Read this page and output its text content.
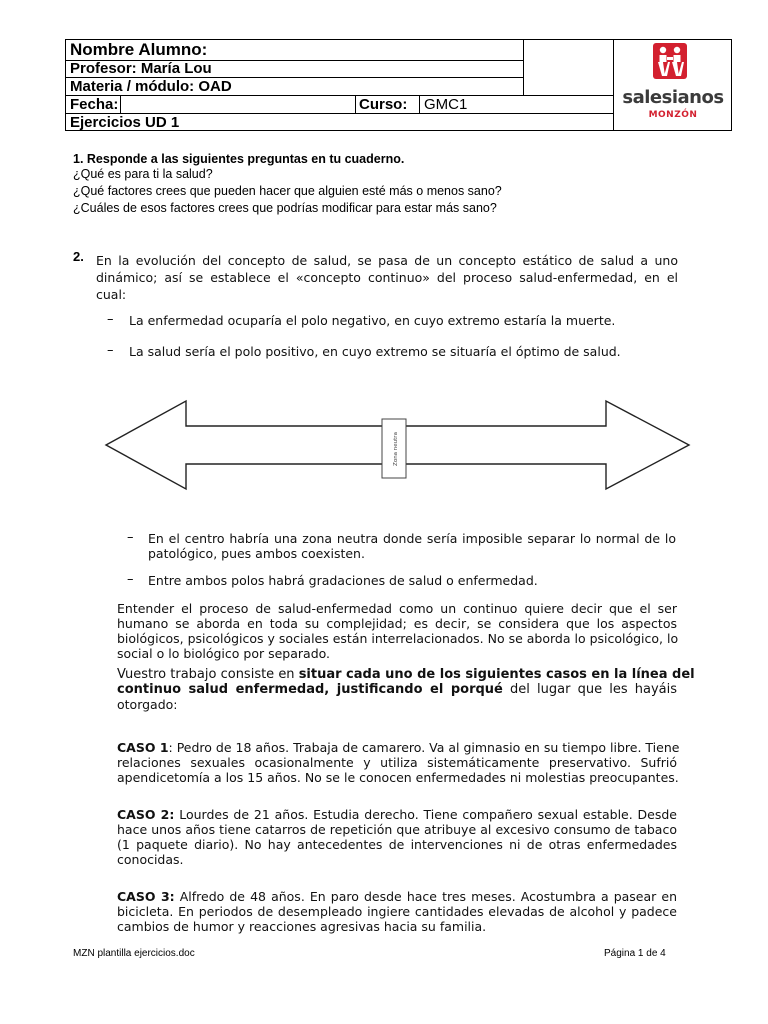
Nombre Alumno:
Profesor: María Lou
Materia / módulo: OAD
Fecha:	Curso: GMC1
Ejercicios UD 1
salesianos
MONZÓN
1. Responde a las siguientes preguntas en tu cuaderno.
¿Qué es para ti la salud?
¿Qué factores crees que pueden hacer que alguien esté más o menos sano?
¿Cuáles de esos factores crees que podrías modificar para estar más sano?
2. En la evolución del concepto de salud, se pasa de un concepto estático de salud a uno
dinámico; así se establece el «concepto continuo» del proceso salud-enfermedad, en el
cual:
– La enfermedad ocuparía el polo negativo, en cuyo extremo estaría la muerte.
– La salud sería el polo positivo, en cuyo extremo se situaría el óptimo de salud.
Zona neutra
– En el centro habría una zona neutra donde sería imposible separar lo normal de lo
patológico, pues ambos coexisten.
– Entre ambos polos habrá gradaciones de salud o enfermedad.
Entender el proceso de salud-enfermedad como un continuo quiere decir que el ser
humano se aborda en toda su complejidad; es decir, se considera que los aspectos
biológicos, psicológicos y sociales están interrelacionados. No se aborda lo psicológico, lo
social o lo biológico por separado.
Vuestro trabajo consiste en situar cada uno de los siguientes casos en la línea del
continuo salud enfermedad, justificando el porqué del lugar que les hayáis
otorgado:
CASO 1: Pedro de 18 años. Trabaja de camarero. Va al gimnasio en su tiempo libre. Tiene
relaciones sexuales ocasionalmente y utiliza sistemáticamente preservativo. Sufrió
apendicetomía a los 15 años. No se le conocen enfermedades ni molestias preocupantes.
CASO 2: Lourdes de 21 años. Estudia derecho. Tiene compañero sexual estable. Desde
hace unos años tiene catarros de repetición que atribuye al excesivo consumo de tabaco
(1 paquete diario). No hay antecedentes de intervenciones ni de otras enfermedades
conocidas.
CASO 3: Alfredo de 48 años. En paro desde hace tres meses. Acostumbra a pasear en
bicicleta. En periodos de desempleado ingiere cantidades elevadas de alcohol y padece
cambios de humor y reacciones agresivas hacia su familia.
MZN plantilla ejercicios.doc	Página 1 de 4
